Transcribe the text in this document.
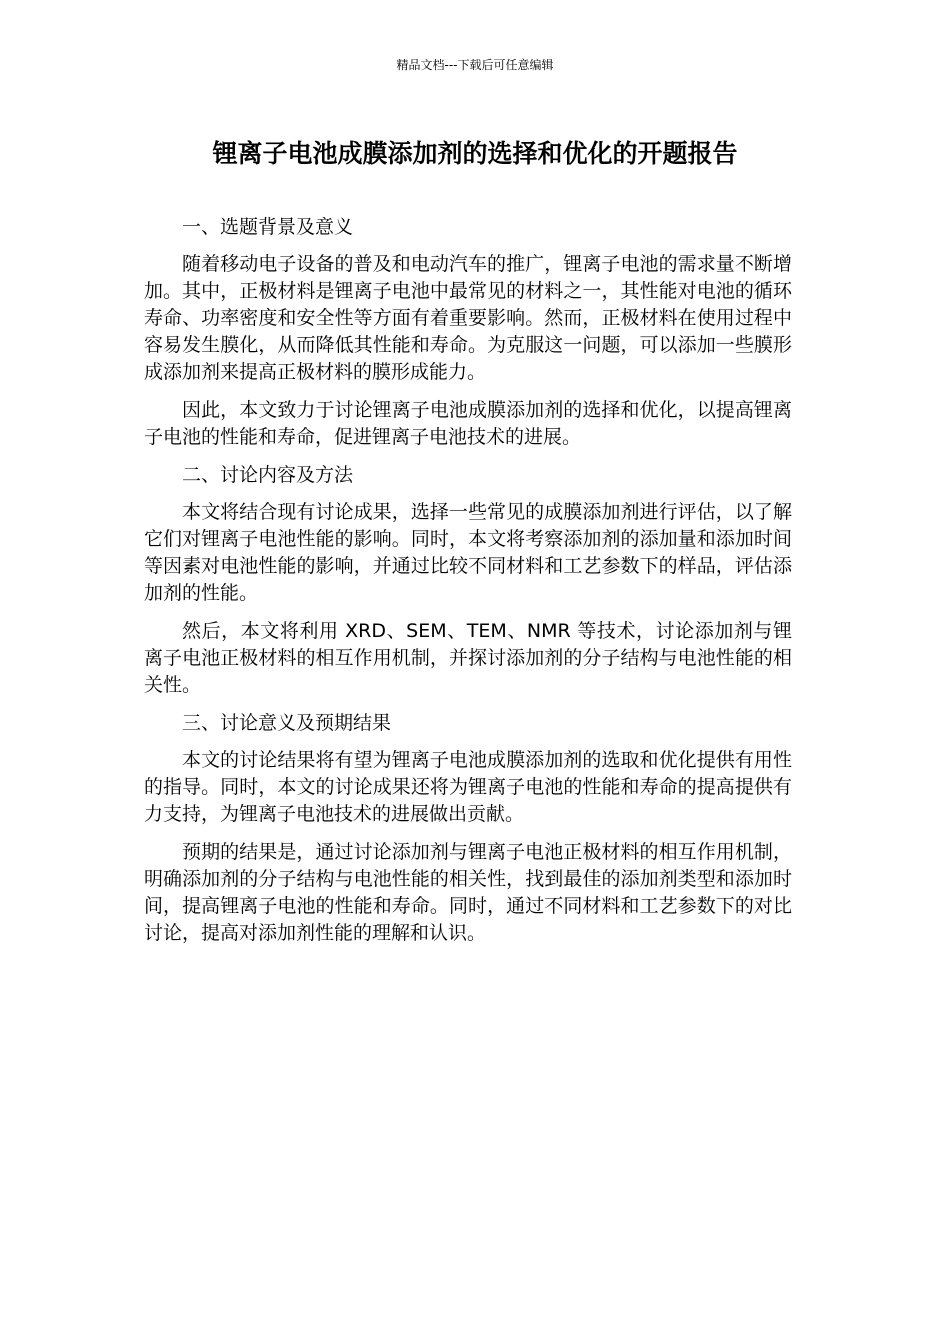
精品文档---下载后可任意编辑
锂离子电池成膜添加剂的选择和优化的开题报告

一、选题背景及意义

随着移动电子设备的普及和电动汽车的推广，锂离子电池的需求量不断增加。其中，正极材料是锂离子电池中最常见的材料之一，其性能对电池的循环寿命、功率密度和安全性等方面有着重要影响。然而，正极材料在使用过程中容易发生膜化，从而降低其性能和寿命。为克服这一问题，可以添加一些膜形成添加剂来提高正极材料的膜形成能力。

因此，本文致力于讨论锂离子电池成膜添加剂的选择和优化，以提高锂离子电池的性能和寿命，促进锂离子电池技术的进展。

二、讨论内容及方法

本文将结合现有讨论成果，选择一些常见的成膜添加剂进行评估，以了解它们对锂离子电池性能的影响。同时，本文将考察添加剂的添加量和添加时间等因素对电池性能的影响，并通过比较不同材料和工艺参数下的样品，评估添加剂的性能。

然后，本文将利用 XRD、SEM、TEM、NMR 等技术，讨论添加剂与锂离子电池正极材料的相互作用机制，并探讨添加剂的分子结构与电池性能的相关性。

三、讨论意义及预期结果

本文的讨论结果将有望为锂离子电池成膜添加剂的选取和优化提供有用性的指导。同时，本文的讨论成果还将为锂离子电池的性能和寿命的提高提供有力支持，为锂离子电池技术的进展做出贡献。

预期的结果是，通过讨论添加剂与锂离子电池正极材料的相互作用机制，明确添加剂的分子结构与电池性能的相关性，找到最佳的添加剂类型和添加时间，提高锂离子电池的性能和寿命。同时，通过不同材料和工艺参数下的对比讨论，提高对添加剂性能的理解和认识。
